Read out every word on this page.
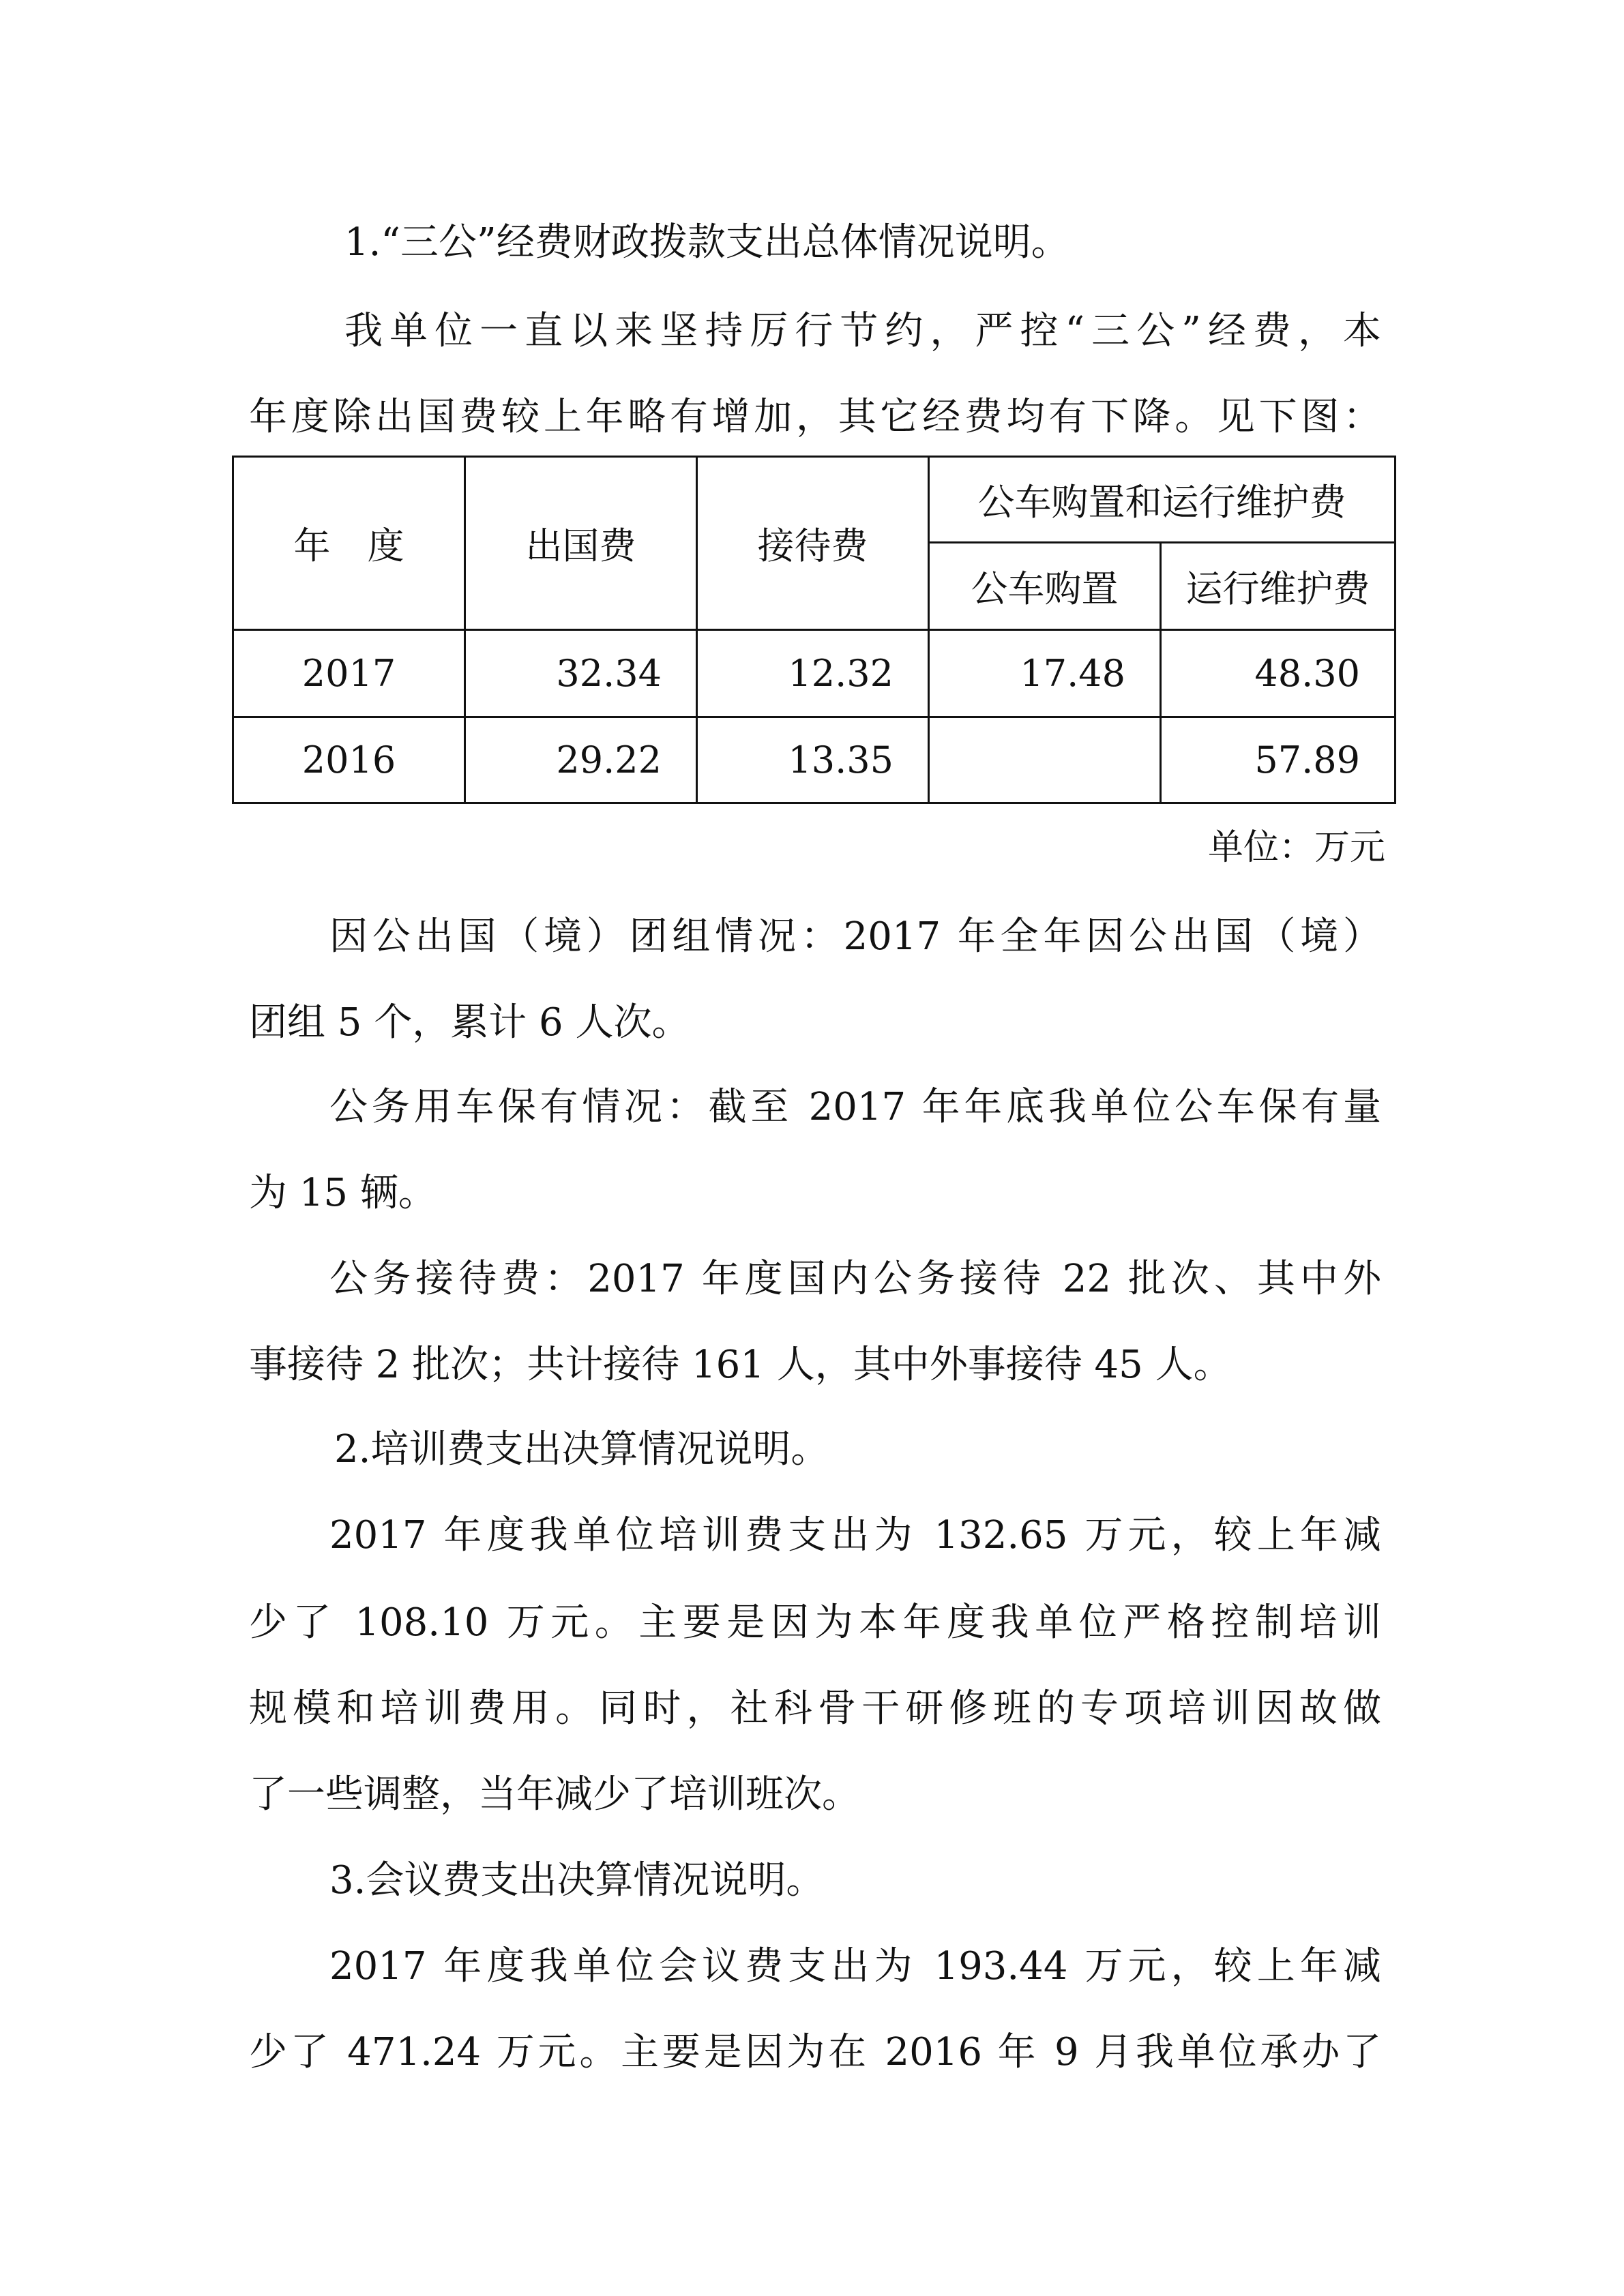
1.“三公”经费财政拨款支出总体情况说明。
我单位一直以来坚持厉行节约，严控“三公”经费，本
年度除出国费较上年略有增加，其它经费均有下降。见下图：
年　度	出国费	接待费	公车购置和运行维护费	
			公车购置	运行维护费
2017	32.34	12.32	17.48	48.30
2016	29.22	13.35		57.89
单位：万元
因公出国（境）团组情况：2017 年全年因公出国（境）
团组 5 个，累计 6 人次。
公务用车保有情况：截至 2017 年年底我单位公车保有量
为 15 辆。
公务接待费：2017 年度国内公务接待 22 批次、其中外
事接待 2 批次；共计接待 161 人，其中外事接待 45 人。
2.培训费支出决算情况说明。
2017 年度我单位培训费支出为 132.65 万元，较上年减
少了 108.10 万元。主要是因为本年度我单位严格控制培训
规模和培训费用。同时，社科骨干研修班的专项培训因故做
了一些调整，当年减少了培训班次。
3.会议费支出决算情况说明。
2017 年度我单位会议费支出为 193.44 万元，较上年减
少了 471.24 万元。主要是因为在 2016 年 9 月我单位承办了
